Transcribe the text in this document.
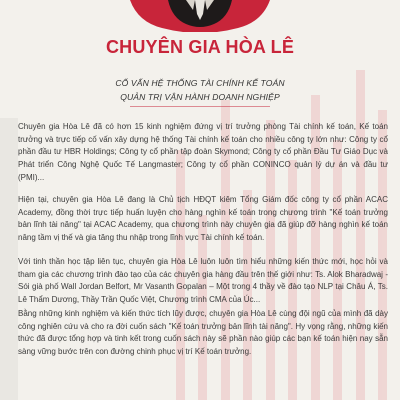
CHUYÊN GIA HÒA LÊ
CỐ VẤN HỆ THỐNG TÀI CHÍNH KẾ TOÁN
QUẢN TRỊ VẬN HÀNH DOANH NGHIỆP

Chuyên gia Hòa Lê đã có hơn 15 kinh nghiệm đứng vị trí trưởng phòng Tài chính kế toán, Kế toán trưởng và trực tiếp cố vấn xây dựng hệ thống Tài chính kế toán cho nhiều công ty lớn như: Công ty cổ phần đầu tư HBR Holdings; Công ty cổ phần tập đoàn Skymond; Công ty cổ phần Đầu Tư Giáo Dục và Phát triển Công Nghệ Quốc Tế Langmaster; Công ty cổ phần CONINCO quản lý dự án và đầu tư (PMI)...

Hiện tại, chuyên gia Hòa Lê đang là Chủ tịch HĐQT kiêm Tổng Giám đốc công ty cổ phần ACAC Academy, đồng thời trực tiếp huấn luyện cho hàng nghìn kế toán trong chương trình "Kế toán trưởng bản lĩnh tài năng" tại ACAC Academy, qua chương trình này chuyên gia đã giúp đỡ hàng nghìn kế toán nâng tầm vị thế và gia tăng thu nhập trong lĩnh vực Tài chính kế toán.

Với tinh thần học tập liên tục, chuyên gia Hòa Lê luôn luôn tìm hiểu những kiến thức mới, học hỏi và tham gia các chương trình đào tạo của các chuyên gia hàng đầu trên thế giới như: Ts. Alok Bharadwaj - Sói già phố Wall Jordan Belfort, Mr Vasanth Gopalan – Một trong 4 thầy về đào tạo NLP tại Châu Á, Ts. Lê Thẩm Dương, Thầy Trần Quốc Việt, Chương trình CMA của Úc...

Bằng những kinh nghiệm và kiến thức tích lũy được, chuyên gia Hòa Lê cùng đội ngũ của mình đã dày công nghiên cứu và cho ra đời cuốn sách "Kế toán trưởng bản lĩnh tài năng". Hy vọng rằng, những kiến thức đã được tổng hợp và tinh kết trong cuốn sách này sẽ phần nào giúp các bạn kế toán hiện nay sẵn sàng vững bước trên con đường chinh phục vị trí Kế toán trưởng.
